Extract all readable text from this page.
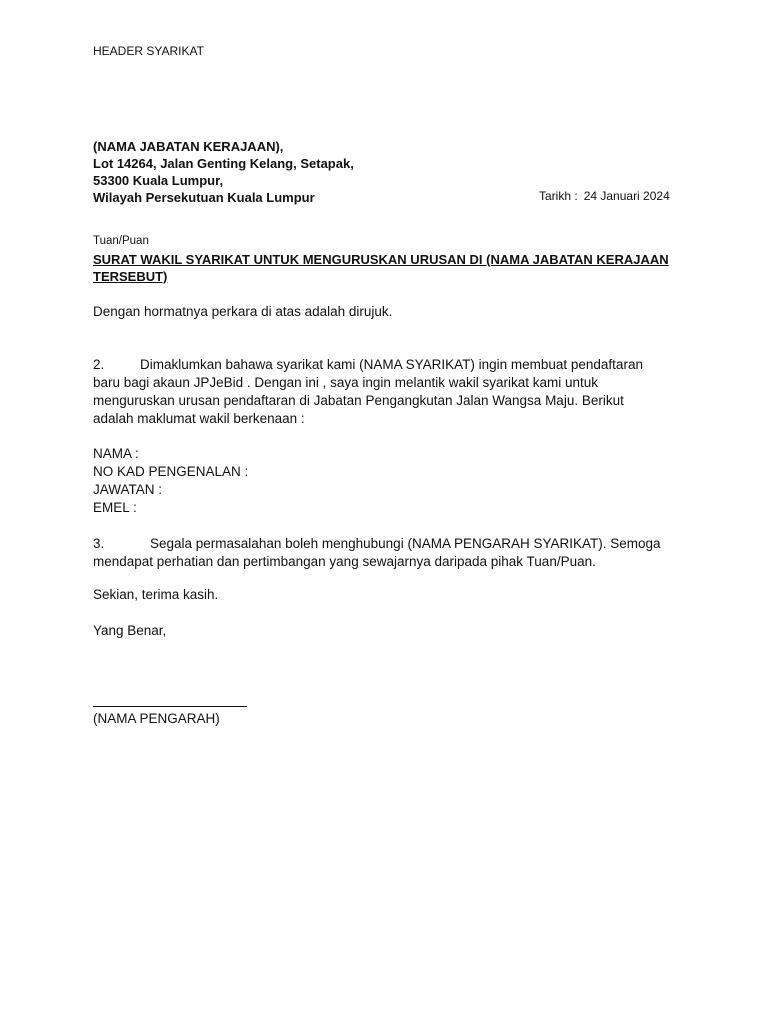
HEADER SYARIKAT
(NAMA JABATAN KERAJAAN),
Lot 14264, Jalan Genting Kelang, Setapak,
53300 Kuala Lumpur,
Wilayah Persekutuan Kuala Lumpur	Tarikh : 24 Januari 2024
Tuan/Puan
SURAT WAKIL SYARIKAT UNTUK MENGURUSKAN URUSAN DI (NAMA JABATAN KERAJAAN
TERSEBUT)
Dengan hormatnya perkara di atas adalah dirujuk.
2.	Dimaklumkan bahawa syarikat kami (NAMA SYARIKAT) ingin membuat pendaftaran
baru bagi akaun JPJeBid . Dengan ini , saya ingin melantik wakil syarikat kami untuk
menguruskan urusan pendaftaran di Jabatan Pengangkutan Jalan Wangsa Maju. Berikut
adalah maklumat wakil berkenaan :
NAMA :
NO KAD PENGENALAN :
JAWATAN :
EMEL :
3.	Segala permasalahan boleh menghubungi (NAMA PENGARAH SYARIKAT). Semoga
mendapat perhatian dan pertimbangan yang sewajarnya daripada pihak Tuan/Puan.
Sekian, terima kasih.
Yang Benar,
(NAMA PENGARAH)
